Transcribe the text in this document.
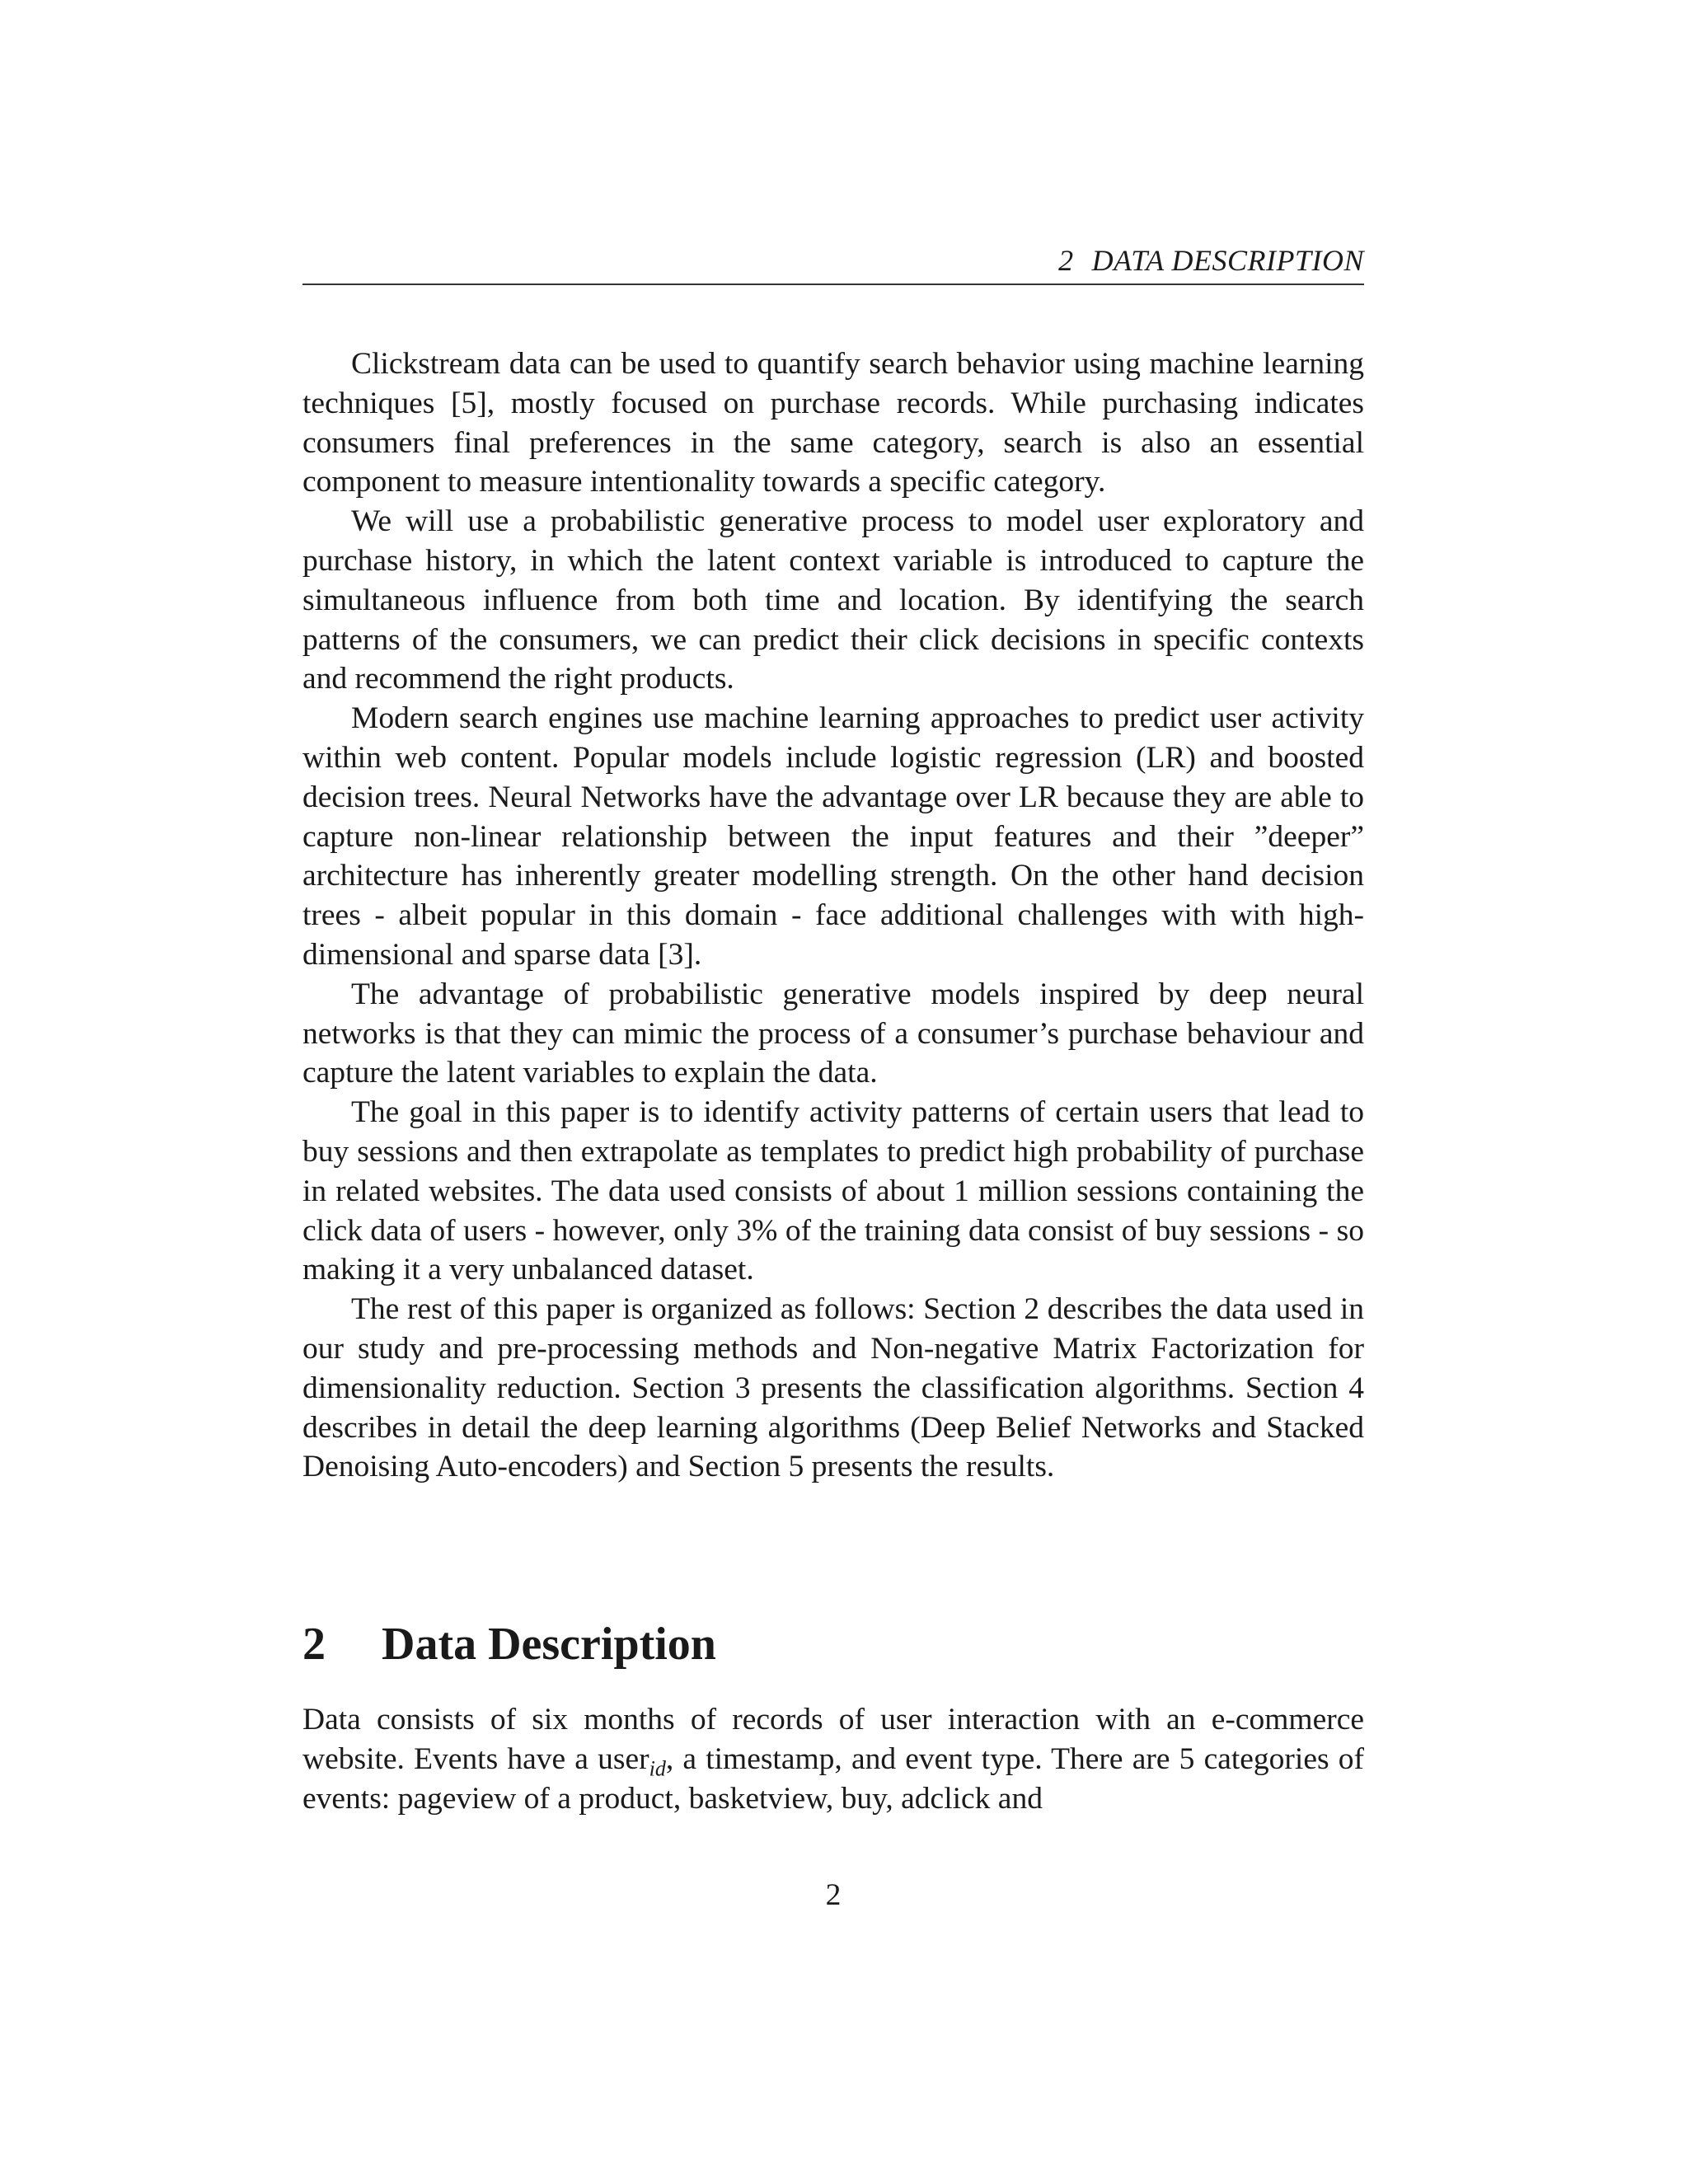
2 DATA DESCRIPTION

Clickstream data can be used to quantify search behavior using machine learning techniques [5], mostly focused on purchase records. While purchasing indicates consumers final preferences in the same category, search is also an essential component to measure intentionality towards a specific category.

We will use a probabilistic generative process to model user exploratory and purchase history, in which the latent context variable is introduced to capture the simultaneous influence from both time and location. By identifying the search patterns of the consumers, we can predict their click decisions in specific contexts and recommend the right products.

Modern search engines use machine learning approaches to predict user activity within web content. Popular models include logistic regression (LR) and boosted decision trees. Neural Networks have the advantage over LR because they are able to capture non-linear relationship between the input features and their ”deeper” architecture has inherently greater modelling strength. On the other hand decision trees - albeit popular in this domain - face additional challenges with with high-dimensional and sparse data [3].

The advantage of probabilistic generative models inspired by deep neural networks is that they can mimic the process of a consumer’s purchase behaviour and capture the latent variables to explain the data.

The goal in this paper is to identify activity patterns of certain users that lead to buy sessions and then extrapolate as templates to predict high probability of purchase in related websites. The data used consists of about 1 million sessions containing the click data of users - however, only 3% of the training data consist of buy sessions - so making it a very unbalanced dataset.

The rest of this paper is organized as follows: Section 2 describes the data used in our study and pre-processing methods and Non-negative Matrix Factorization for dimensionality reduction. Section 3 presents the classification algorithms. Section 4 describes in detail the deep learning algorithms (Deep Belief Networks and Stacked Denoising Auto-encoders) and Section 5 presents the results.

2 Data Description

Data consists of six months of records of user interaction with an e-commerce website. Events have a user$_{id}$, a timestamp, and event type. There are 5 categories of events: pageview of a product, basketview, buy, adclick and

2
